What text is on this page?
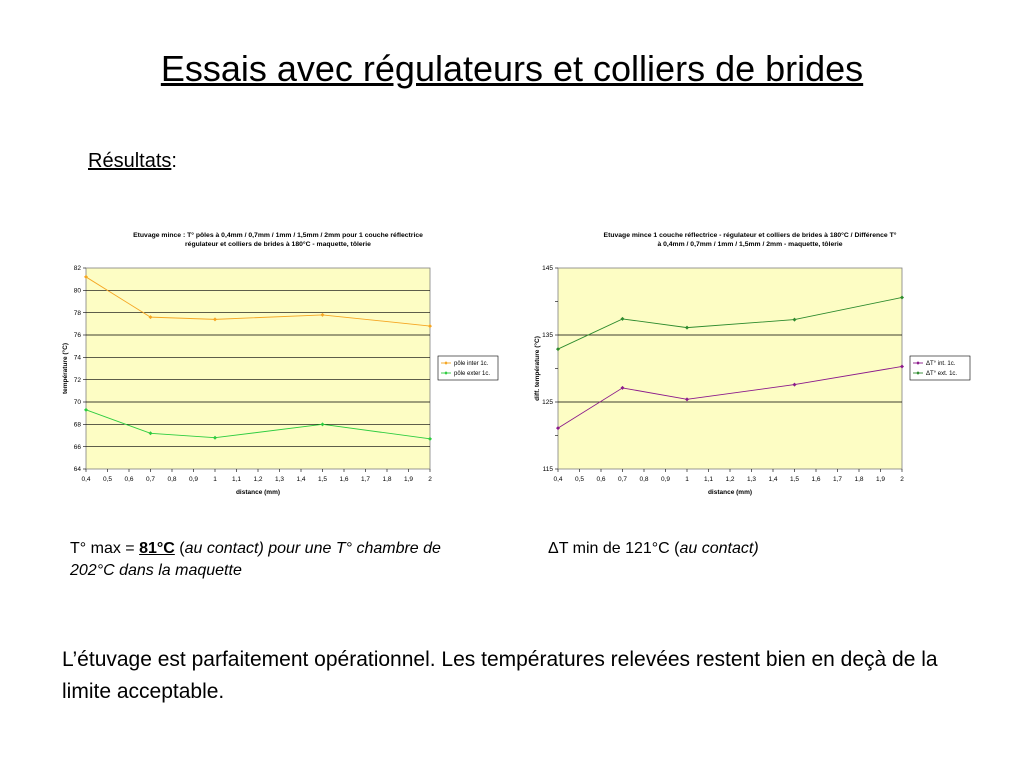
Essais avec régulateurs et colliers de brides
Résultats:
Etuvage mince : T° pôles à 0,4mm / 0,7mm / 1mm / 1,5mm / 2mm pour 1 couche réflectrice
régulateur et colliers de brides à 180°C - maquette, tôlerie
64
66
68
70
72
74
76
78
80
82
0,4 0,5 0,6 0,7 0,8 0,9 1 1,1 1,2 1,3 1,4 1,5 1,6 1,7 1,8 1,9 2
distance (mm)
température (°C)	pôle inter 1c.
pôle exter 1c.
Etuvage mince 1 couche réflectrice - régulateur et colliers de brides à 180°C / Différence T°
à 0,4mm / 0,7mm / 1mm / 1,5mm / 2mm - maquette, tôlerie
115
125
135
145
0,4 0,5 0,6 0,7 0,8 0,9 1 1,1 1,2 1,3 1,4 1,5 1,6 1,7 1,8 1,9 2
distance (mm)
diff. température (°C)	ΔT° int. 1c.
ΔT° ext. 1c.
T° max = 81°C (au contact) pour une T° chambre de 202°C dans la maquette
ΔT min de 121°C (au contact)
L’étuvage est parfaitement opérationnel. Les températures relevées restent bien en deçà de la limite acceptable.
